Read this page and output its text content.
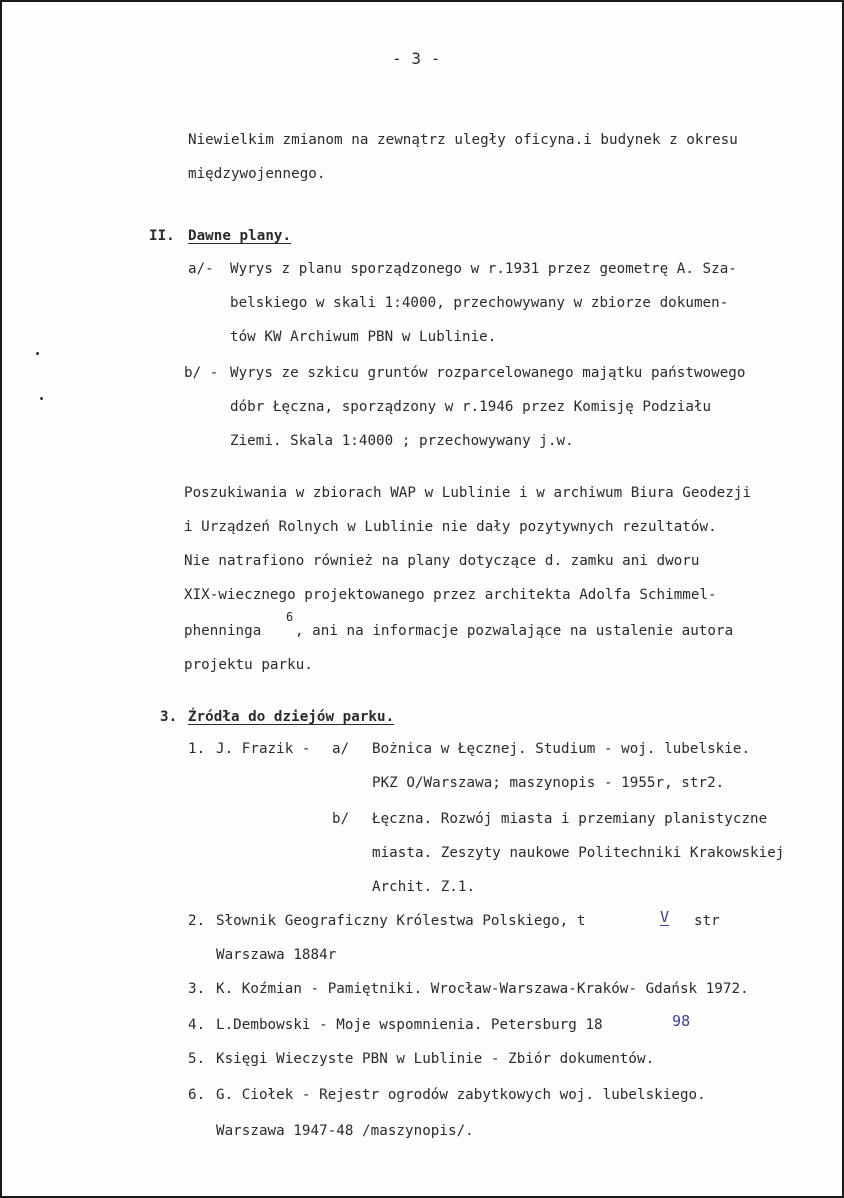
- 3 -
Niewielkim zmianom na zewnątrz uległy oficyna.i budynek z okresu
międzywojennego.
II. Dawne plany.
a/- Wyrys z planu sporządzonego w r.1931 przez geometrę A. Sza-
belskiego w skali 1:4000, przechowywany w zbiorze dokumen-
tów KW Archiwum PBN w Lublinie.
b/ - Wyrys ze szkicu gruntów rozparcelowanego majątku państwowego
dóbr Łęczna, sporządzony w r.1946 przez Komisję Podziału
Ziemi. Skala 1:4000 ; przechowywany j.w.
Poszukiwania w zbiorach WAP w Lublinie i w archiwum Biura Geodezji
i Urządzeń Rolnych w Lublinie nie dały pozytywnych rezultatów.
Nie natrafiono również na plany dotyczące d. zamku ani dworu
XIX-wiecznego projektowanego przez architekta Adolfa Schimmel-
phenninga
6
, ani na informacje pozwalające na ustalenie autora
projektu parku.
3. Źródła do dziejów parku.
1. J. Frazik - a/ Bożnica w Łęcznej. Studium - woj. lubelskie.
PKZ O/Warszawa; maszynopis - 1955r, str2.
b/ Łęczna. Rozwój miasta i przemiany planistyczne
miasta. Zeszyty naukowe Politechniki Krakowskiej
Archit. Z.1.
2. Słownik Geograficzny Królestwa Polskiego, t	V str
Warszawa 1884r
3. K. Koźmian - Pamiętniki. Wrocław-Warszawa-Kraków- Gdańsk 1972.
4. L.Dembowski - Moje wspomnienia. Petersburg 18	98
5. Księgi Wieczyste PBN w Lublinie - Zbiór dokumentów.
6. G. Ciołek - Rejestr ogrodów zabytkowych woj. lubelskiego.
Warszawa 1947-48 /maszynopis/.
